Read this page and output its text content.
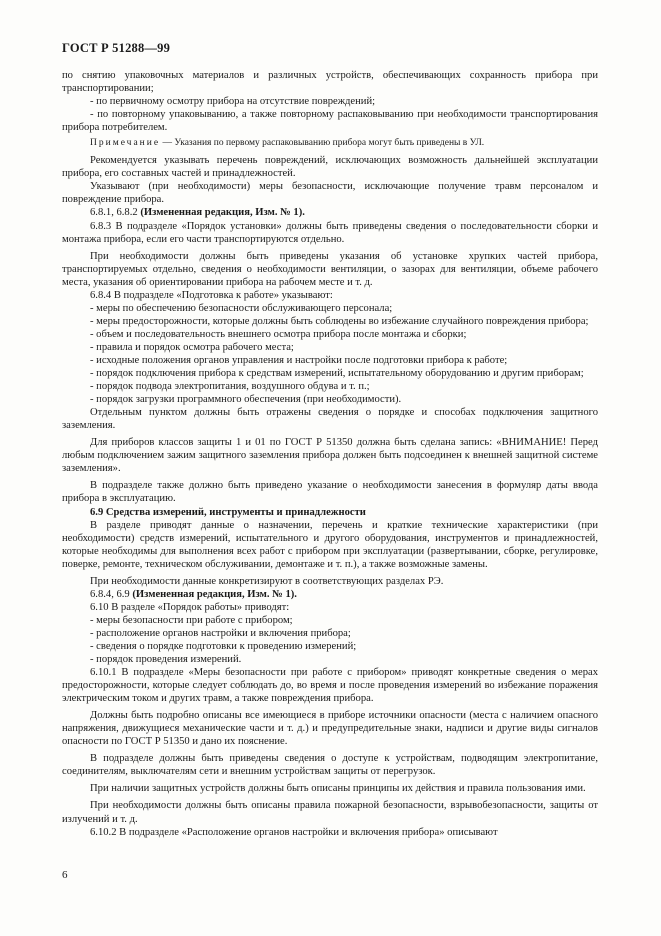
ГОСТ Р 51288—99

по снятию упаковочных материалов и различных устройств, обеспечивающих сохранность прибора при транспортировании;

- по первичному осмотру прибора на отсутствие повреждений;

- по повторному упаковыванию, а также повторному распаковыванию при необходимости транспортирования прибора потребителем.

Примечание — Указания по первому распаковыванию прибора могут быть приведены в УЛ.

Рекомендуется указывать перечень повреждений, исключающих возможность дальнейшей эксплуатации прибора, его составных частей и принадлежностей.

Указывают (при необходимости) меры безопасности, исключающие получение травм персоналом и повреждение прибора.

6.8.1, 6.8.2 (Измененная редакция, Изм. № 1).

6.8.3 В подразделе «Порядок установки» должны быть приведены сведения о последовательности сборки и монтажа прибора, если его части транспортируются отдельно.

При необходимости должны быть приведены указания об установке хрупких частей прибора, транспортируемых отдельно, сведения о необходимости вентиляции, о зазорах для вентиляции, объеме рабочего места, указания об ориентировании прибора на рабочем месте и т. д.

6.8.4 В подразделе «Подготовка к работе» указывают:

- меры по обеспечению безопасности обслуживающего персонала;

- меры предосторожности, которые должны быть соблюдены во избежание случайного повреждения прибора;

- объем и последовательность внешнего осмотра прибора после монтажа и сборки;

- правила и порядок осмотра рабочего места;

- исходные положения органов управления и настройки после подготовки прибора к работе;

- порядок подключения прибора к средствам измерений, испытательному оборудованию и другим приборам;

- порядок подвода электропитания, воздушного обдува и т. п.;

- порядок загрузки программного обеспечения (при необходимости).

Отдельным пунктом должны быть отражены сведения о порядке и способах подключения защитного заземления.

Для приборов классов защиты 1 и 01 по ГОСТ Р 51350 должна быть сделана запись: «ВНИМАНИЕ! Перед любым подключением зажим защитного заземления прибора должен быть подсоединен к внешней защитной системе заземления».

В подразделе также должно быть приведено указание о необходимости занесения в формуляр даты ввода прибора в эксплуатацию.

6.9 Средства измерений, инструменты и принадлежности

В разделе приводят данные о назначении, перечень и краткие технические характеристики (при необходимости) средств измерений, испытательного и другого оборудования, инструментов и принадлежностей, которые необходимы для выполнения всех работ с прибором при эксплуатации (развертывании, сборке, регулировке, поверке, ремонте, техническом обслуживании, демонтаже и т. п.), а также возможные замены.

При необходимости данные конкретизируют в соответствующих разделах РЭ.

6.8.4, 6.9 (Измененная редакция, Изм. № 1).

6.10 В разделе «Порядок работы» приводят:

- меры безопасности при работе с прибором;

- расположение органов настройки и включения прибора;

- сведения о порядке подготовки к проведению измерений;

- порядок проведения измерений.

6.10.1 В подразделе «Меры безопасности при работе с прибором» приводят конкретные сведения о мерах предосторожности, которые следует соблюдать до, во время и после проведения измерений во избежание поражения электрическим током и других травм, а также повреждения прибора.

Должны быть подробно описаны все имеющиеся в приборе источники опасности (места с наличием опасного напряжения, движущиеся механические части и т. д.) и предупредительные знаки, надписи и другие виды сигналов опасности по ГОСТ Р 51350 и дано их пояснение.

В подразделе должны быть приведены сведения о доступе к устройствам, подводящим электропитание, соединителям, выключателям сети и внешним устройствам защиты от перегрузок.

При наличии защитных устройств должны быть описаны принципы их действия и правила пользования ими.

При необходимости должны быть описаны правила пожарной безопасности, взрывобезопасности, защиты от излучений и т. д.

6.10.2 В подразделе «Расположение органов настройки и включения прибора» описывают

6
